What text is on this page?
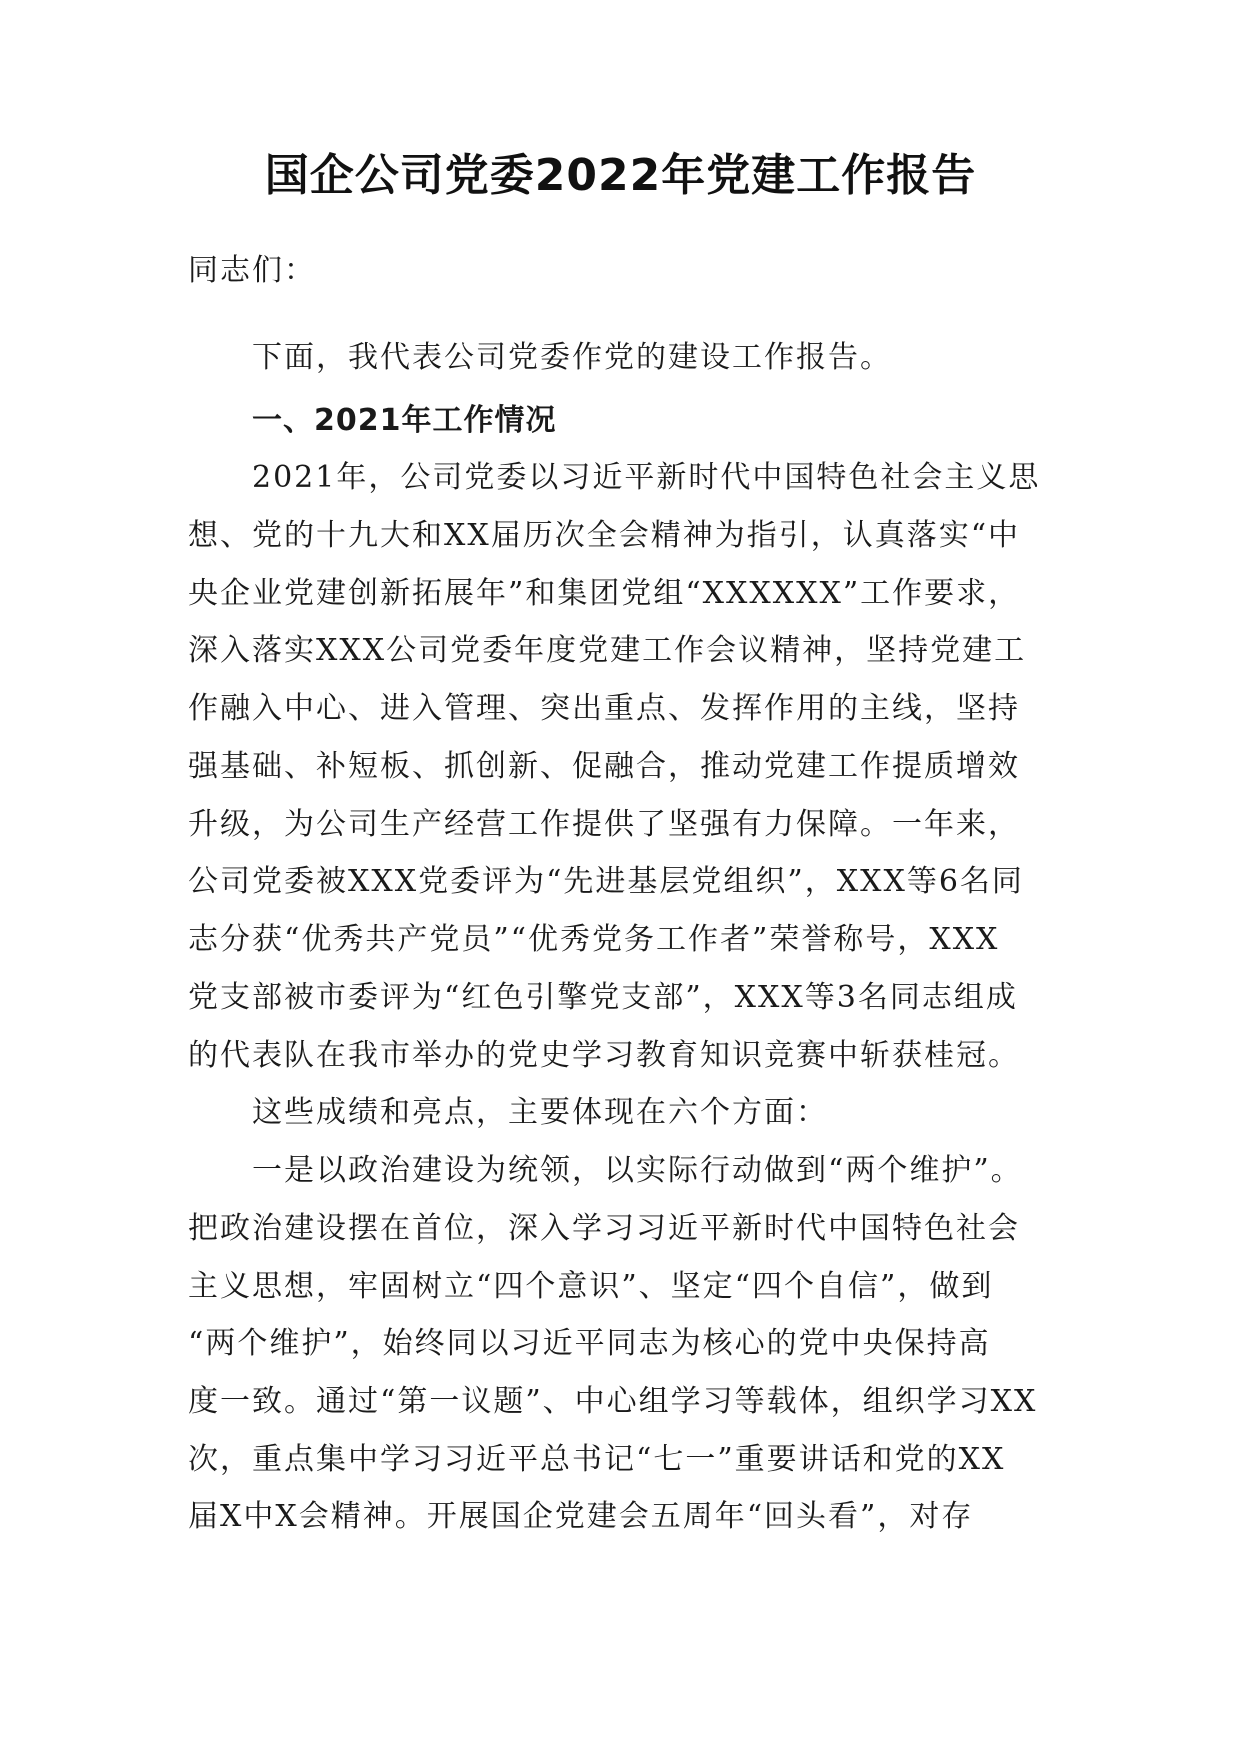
国企公司党委2022年党建工作报告
同志们：
下面，我代表公司党委作党的建设工作报告。
一、2021年工作情况
2021年，公司党委以习近平新时代中国特色社会主义思
想、党的十九大和XX届历次全会精神为指引，认真落实“中
央企业党建创新拓展年”和集团党组“XXXXXX”工作要求，
深入落实XXX公司党委年度党建工作会议精神，坚持党建工
作融入中心、进入管理、突出重点、发挥作用的主线，坚持
强基础、补短板、抓创新、促融合，推动党建工作提质增效
升级，为公司生产经营工作提供了坚强有力保障。一年来，
公司党委被XXX党委评为“先进基层党组织”，XXX等6名同
志分获“优秀共产党员”“优秀党务工作者”荣誉称号，XXX
党支部被市委评为“红色引擎党支部”，XXX等3名同志组成
的代表队在我市举办的党史学习教育知识竞赛中斩获桂冠。
这些成绩和亮点，主要体现在六个方面：
一是以政治建设为统领，以实际行动做到“两个维护”。
把政治建设摆在首位，深入学习习近平新时代中国特色社会
主义思想，牢固树立“四个意识”、坚定“四个自信”，做到
“两个维护”，始终同以习近平同志为核心的党中央保持高
度一致。通过“第一议题”、中心组学习等载体，组织学习XX
次，重点集中学习习近平总书记“七一”重要讲话和党的XX
届X中X会精神。开展国企党建会五周年“回头看”，对存
